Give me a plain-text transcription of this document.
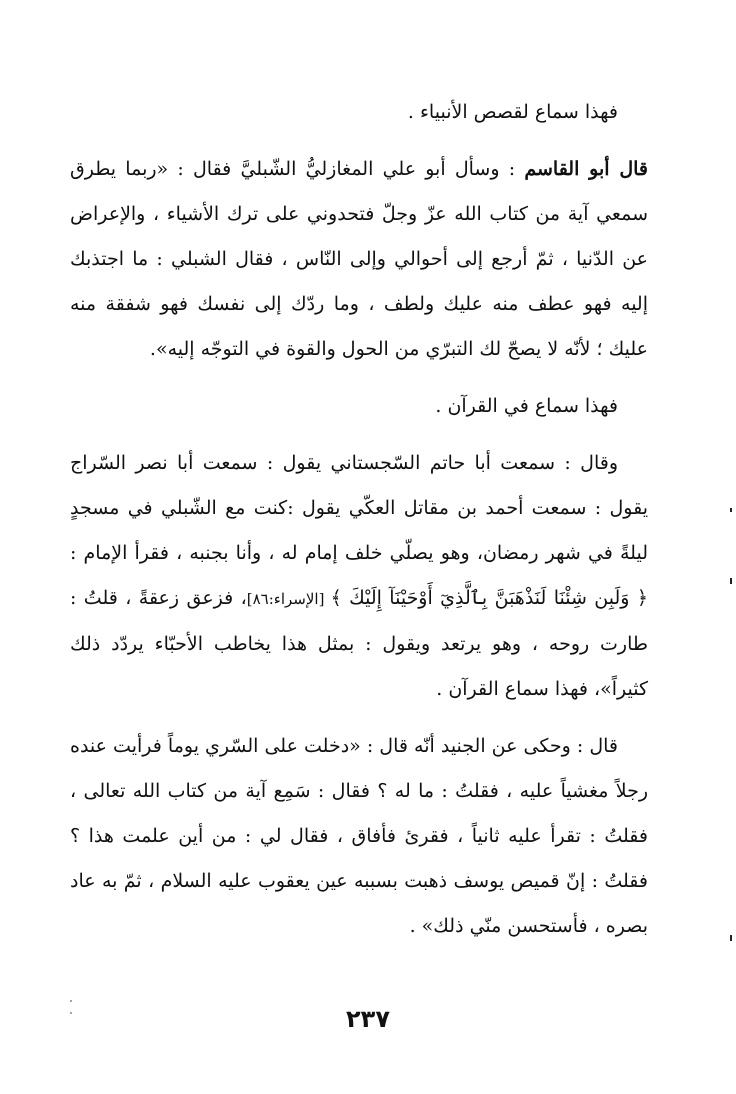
فهذا سماع لقصص الأنبياء .

قال أبو القاسم : وسأل أبو علي المغازليُّ الشّبليَّ فقال : «ربما يطرق سمعي آية من كتاب الله عزّ وجلّ فتحدوني على ترك الأشياء ، والإعراض عن الدّنيا ، ثمّ أرجع إلى أحوالي وإلى النّاس ، فقال الشبلي : ما اجتذبك إليه فهو عطف منه عليك ولطف ، وما ردّك إلى نفسك فهو شفقة منه عليك ؛ لأنّه لا يصحّ لك التبرّي من الحول والقوة في التوجّه إليه».

فهذا سماع في القرآن .

وقال : سمعت أبا حاتم السّجستاني يقول : سمعت أبا نصر السّراج يقول : سمعت أحمد بن مقاتل العكّي يقول :كنت مع الشّبلي في مسجدٍ ليلةً في شهر رمضان، وهو يصلّي خلف إمام له ، وأنا بجنبه ، فقرأ الإمام : ﴿ وَلَبِن شِئْنَا لَنَذْهَبَنَّ بِٱلَّذِيٓ أَوْحَيْنَآ إِلَيْكَ ﴾ [الإسراء:٨٦]، فزعق زعقةً ، قلتُ : طارت روحه ، وهو يرتعد ويقول : بمثل هذا يخاطب الأحبّاء يردّد ذلك كثيراً»، فهذا سماع القرآن .

قال : وحكى عن الجنيد أنّه قال : «دخلت على السّري يوماً فرأيت عنده رجلاً مغشياً عليه ، فقلتُ : ما له ؟ فقال : سَمِع آية من كتاب الله تعالى ، فقلتُ : تقرأ عليه ثانياً ، فقرئ فأفاق ، فقال لي : من أين علمت هذا ؟ فقلتُ : إنّ قميص يوسف ذهبت بسببه عين يعقوب عليه السلام ، ثمّ به عاد بصره ، فأستحسن منّي ذلك» .

٢٣٧
